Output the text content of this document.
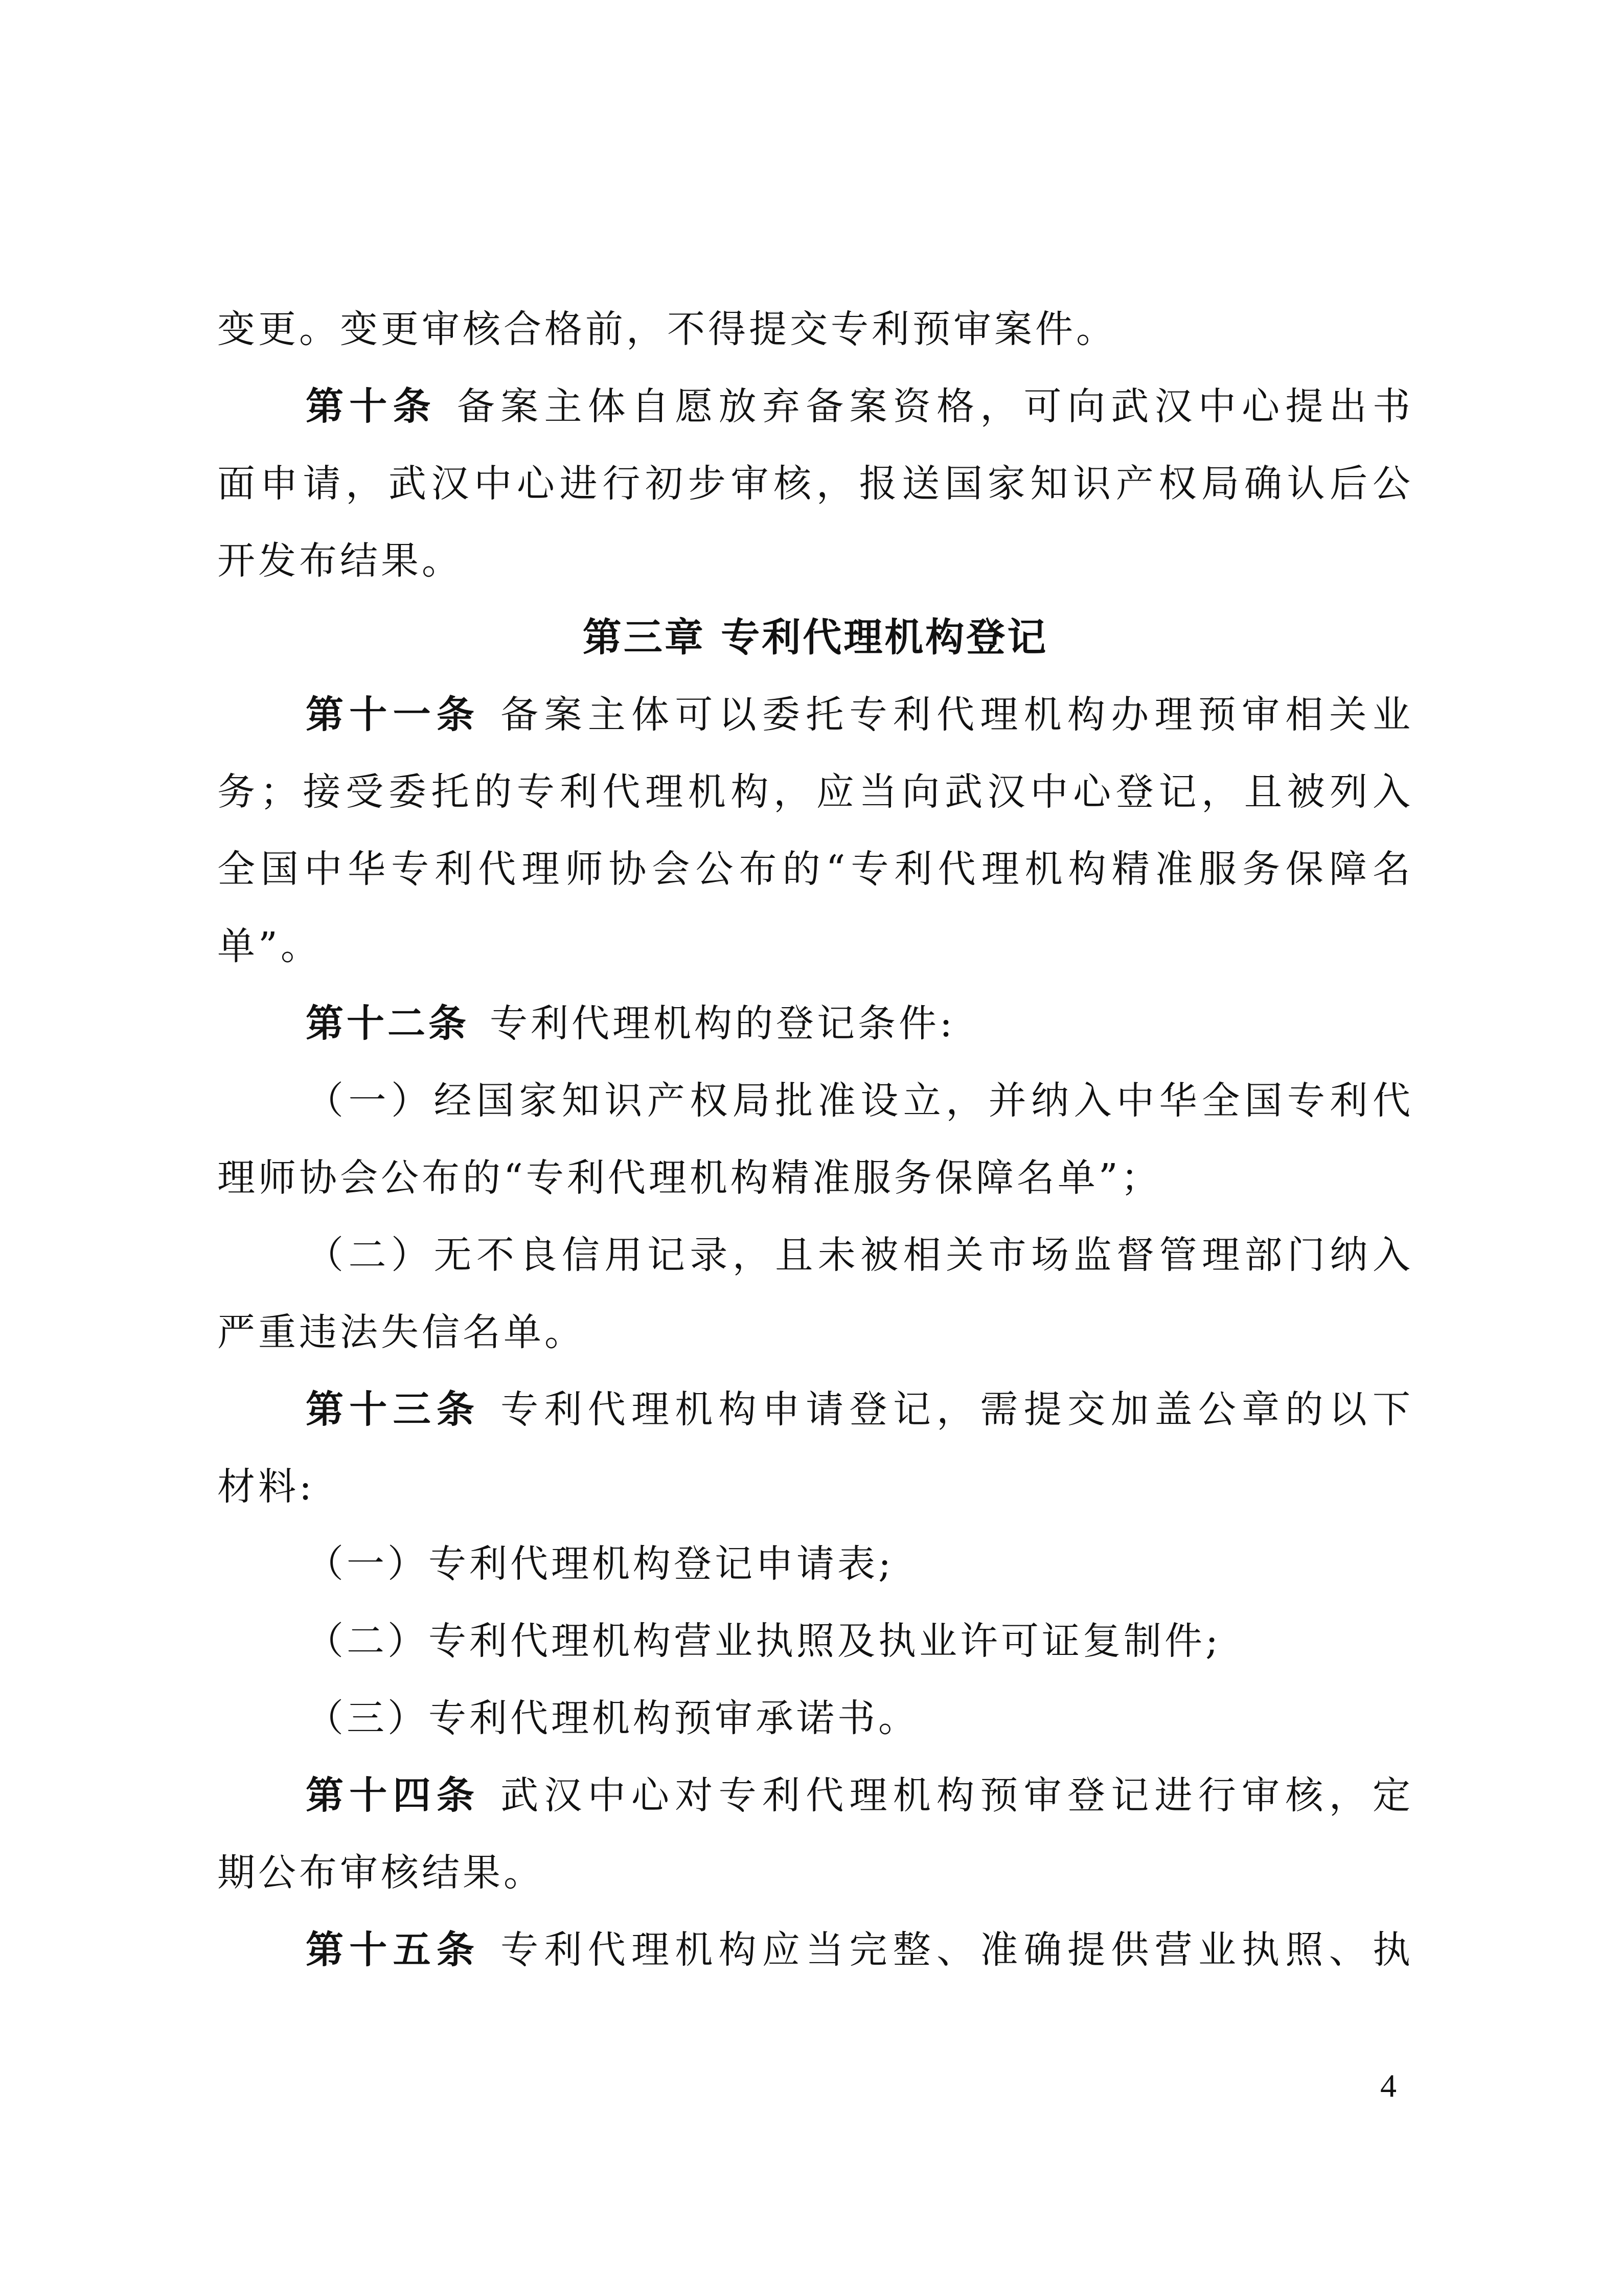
变更。变更审核合格前，不得提交专利预审案件。
第十条 备案主体自愿放弃备案资格，可向武汉中心提出书
面申请，武汉中心进行初步审核，报送国家知识产权局确认后公
开发布结果。
第三章 专利代理机构登记
第十一条 备案主体可以委托专利代理机构办理预审相关业
务；接受委托的专利代理机构，应当向武汉中心登记，且被列入
全国中华专利代理师协会公布的“专利代理机构精准服务保障名
单”。
第十二条 专利代理机构的登记条件:
（一）经国家知识产权局批准设立，并纳入中华全国专利代
理师协会公布的“专利代理机构精准服务保障名单”；
（二）无不良信用记录，且未被相关市场监督管理部门纳入
严重违法失信名单。
第十三条 专利代理机构申请登记，需提交加盖公章的以下
材料:
（一）专利代理机构登记申请表;
（二）专利代理机构营业执照及执业许可证复制件;
（三）专利代理机构预审承诺书。
第十四条 武汉中心对专利代理机构预审登记进行审核，定
期公布审核结果。
第十五条 专利代理机构应当完整、准确提供营业执照、执
4
